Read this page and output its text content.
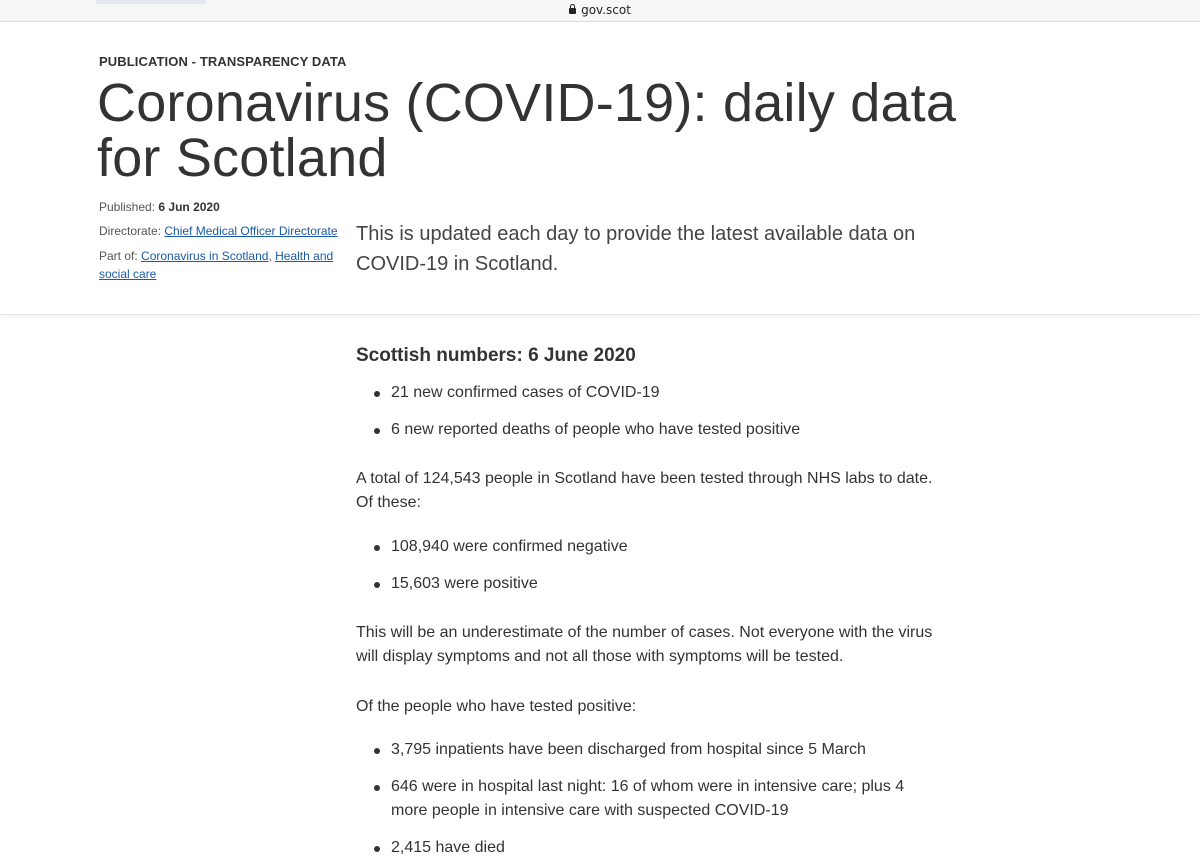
gov.scot
PUBLICATION - TRANSPARENCY DATA
Coronavirus (COVID-19): daily data for Scotland
Published: 6 Jun 2020
Directorate: Chief Medical Officer Directorate
Part of: Coronavirus in Scotland, Health and social care

This is updated each day to provide the latest available data on COVID-19 in Scotland.

Scottish numbers: 6 June 2020
21 new confirmed cases of COVID-19
6 new reported deaths of people who have tested positive

A total of 124,543 people in Scotland have been tested through NHS labs to date. Of these:

108,940 were confirmed negative
15,603 were positive

This will be an underestimate of the number of cases. Not everyone with the virus will display symptoms and not all those with symptoms will be tested.

Of the people who have tested positive:

3,795 inpatients have been discharged from hospital since 5 March
646 were in hospital last night: 16 of whom were in intensive care; plus 4 more people in intensive care with suspected COVID-19
2,415 have died
